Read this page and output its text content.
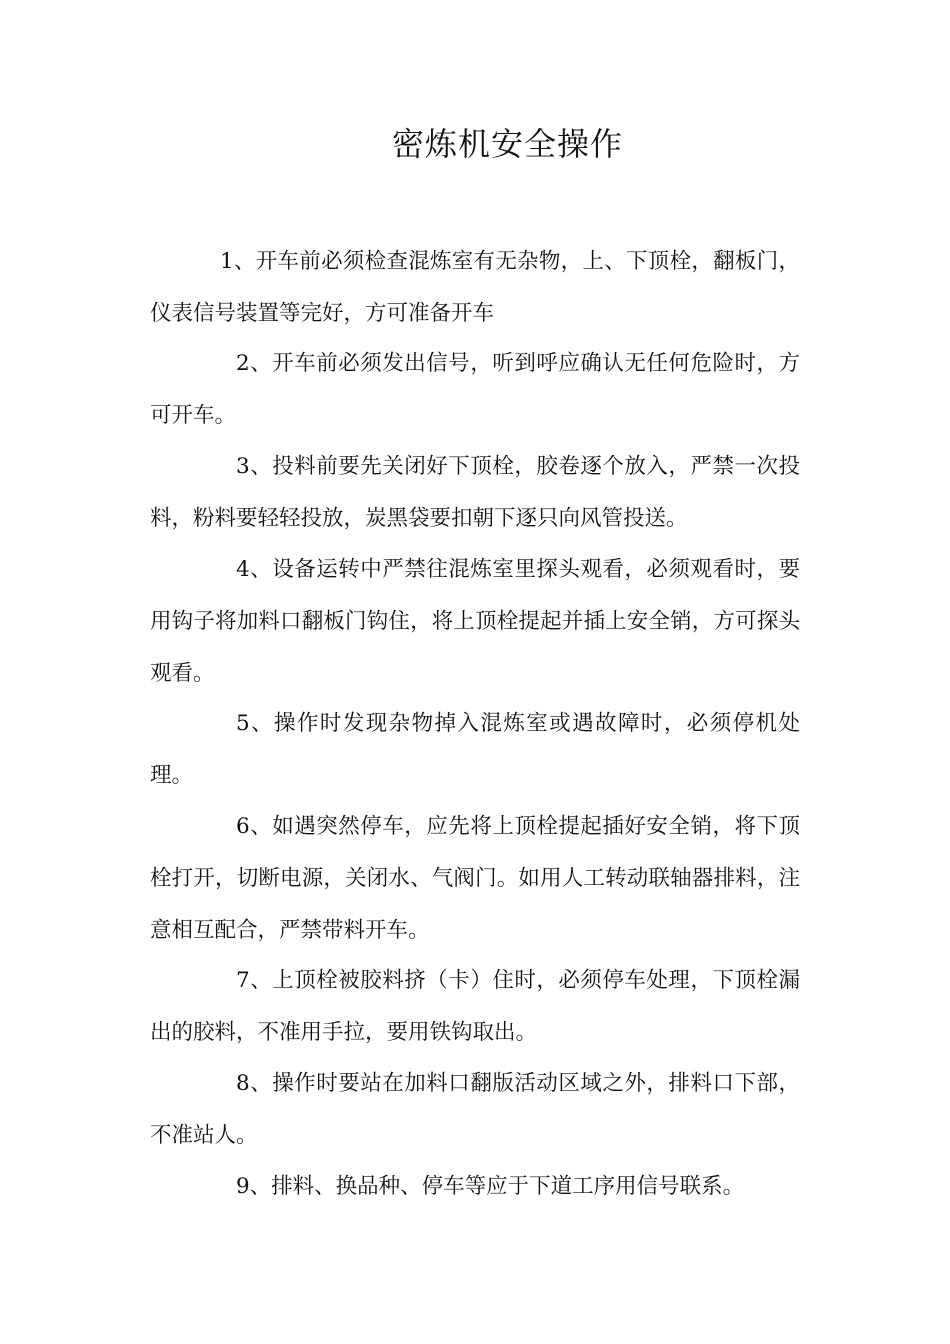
密炼机安全操作
1、开车前必须检查混炼室有无杂物，上、下顶栓，翻板门，仪表信号装置等完好，方可准备开车
2、开车前必须发出信号，听到呼应确认无任何危险时，方可开车。
3、投料前要先关闭好下顶栓，胶卷逐个放入，严禁一次投料，粉料要轻轻投放，炭黑袋要扣朝下逐只向风管投送。
4、设备运转中严禁往混炼室里探头观看，必须观看时，要用钩子将加料口翻板门钩住，将上顶栓提起并插上安全销，方可探头观看。
5、操作时发现杂物掉入混炼室或遇故障时，必须停机处理。
6、如遇突然停车，应先将上顶栓提起插好安全销，将下顶栓打开，切断电源，关闭水、气阀门。如用人工转动联轴器排料，注意相互配合，严禁带料开车。
7、上顶栓被胶料挤（卡）住时，必须停车处理，下顶栓漏出的胶料，不准用手拉，要用铁钩取出。
8、操作时要站在加料口翻版活动区域之外，排料口下部，不准站人。
9、排料、换品种、停车等应于下道工序用信号联系。
